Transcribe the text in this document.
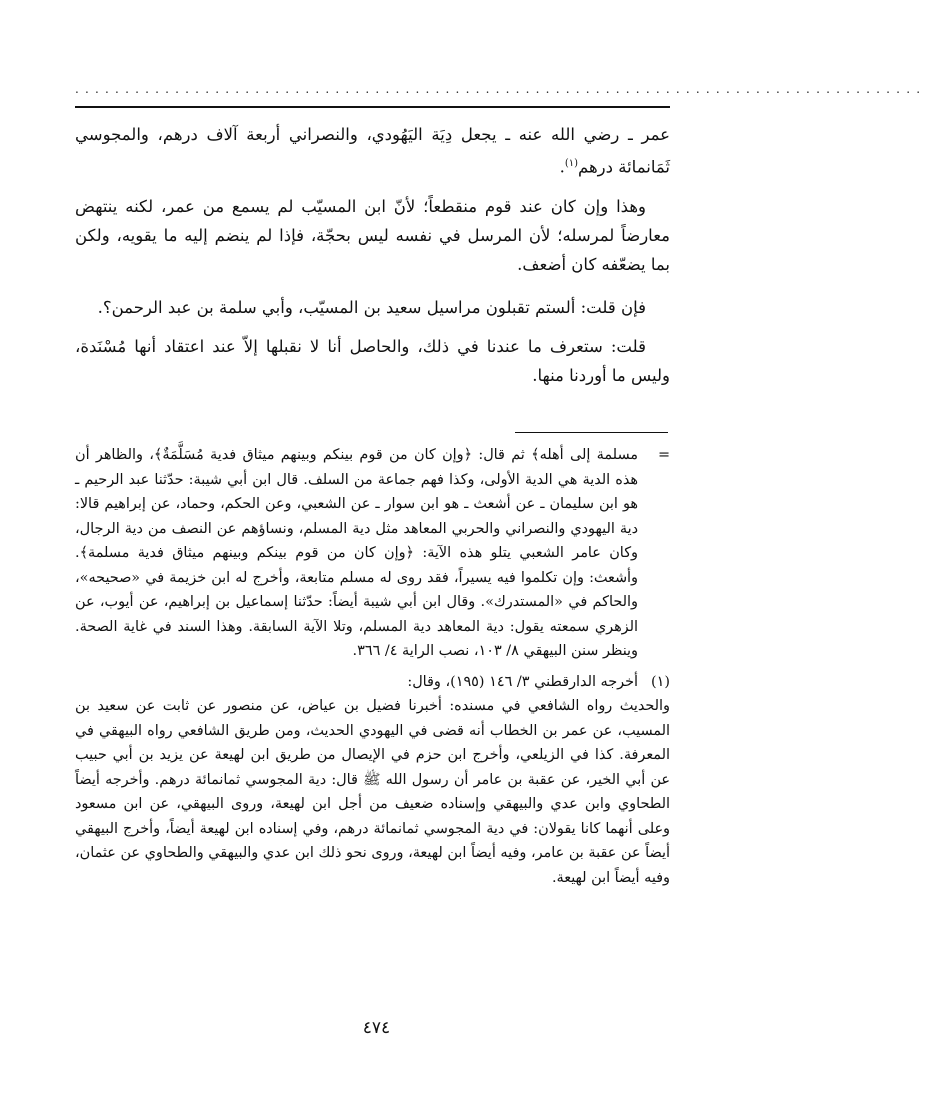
.....................................................................................

عمر ـ رضي الله عنه ـ يجعل دِيَة اليَهُودي، والنصراني أربعة آلاف درهم، والمجوسي ثَمَانمائة درهم$^{(١)}$.

وهذا وإن كان عند قوم منقطعاً؛ لأنّ ابن المسيّب لم يسمع من عمر، لكنه ينتهض معارضاً لمرسله؛ لأن المرسل في نفسه ليس بحجّة، فإذا لم ينضم إليه ما يقويه، ولكن بما يضعّفه كان أضعف.

فإن قلت: ألستم تقبلون مراسيل سعيد بن المسيّب، وأبي سلمة بن عبد الرحمن؟.

قلت: ستعرف ما عندنا في ذلك، والحاصل أنا لا نقبلها إلاّ عند اعتقاد أنها مُسْنَدة، وليس ما أوردنا منها.

=
مسلمة إلى أهله﴾ ثم قال: ﴿وإن كان من قوم بينكم وبينهم ميثاق فدية مُسَلَّمَةٌ﴾، والظاهر أن هذه الدية هي الدية الأولى، وكذا فهم جماعة من السلف. قال ابن أبي شيبة: حدّثنا عبد الرحيم ـ هو ابن سليمان ـ عن أشعث ـ هو ابن سوار ـ عن الشعبي، وعن الحكم، وحماد، عن إبراهيم قالا: دية اليهودي والنصراني والحربي المعاهد مثل دية المسلم، ونساؤهم عن النصف من دية الرجال، وكان عامر الشعبي يتلو هذه الآية: ﴿وإن كان من قوم بينكم وبينهم ميثاق فدية مسلمة﴾. وأشعث: وإن تكلموا فيه يسيراً، فقد روى له مسلم متابعة، وأخرج له ابن خزيمة في «صحيحه»، والحاكم في «المستدرك». وقال ابن أبي شيبة أيضاً: حدّثنا إسماعيل بن إبراهيم، عن أيوب، عن الزهري سمعته يقول: دية المعاهد دية المسلم، وتلا الآية السابقة. وهذا السند في غاية الصحة. وينظر سنن البيهقي ٨/ ١٠٣، نصب الراية ٤/ ٣٦٦.
(١)
أخرجه الدارقطني ٣/ ١٤٦ (١٩٥)، وقال:
والحديث رواه الشافعي في مسنده: أخبرنا فضيل بن عياض، عن منصور عن ثابت عن سعيد بن المسيب، عن عمر بن الخطاب أنه قضى في اليهودي الحديث، ومن طريق الشافعي رواه البيهقي في المعرفة. كذا في الزيلعي، وأخرج ابن حزم في الإيصال من طريق ابن لهيعة عن يزيد بن أبي حبيب عن أبي الخير، عن عقبة بن عامر أن رسول الله ﷺ قال: دية المجوسي ثمانمائة درهم. وأخرجه أيضاً الطحاوي وابن عدي والبيهقي وإسناده ضعيف من أجل ابن لهيعة، وروى البيهقي، عن ابن مسعود وعلى أنهما كانا يقولان: في دية المجوسي ثمانمائة درهم، وفي إسناده ابن لهيعة أيضاً، وأخرج البيهقي أيضاً عن عقبة بن عامر، وفيه أيضاً ابن لهيعة، وروى نحو ذلك ابن عدي والبيهقي والطحاوي عن عثمان، وفيه أيضاً ابن لهيعة.
٤٧٤
